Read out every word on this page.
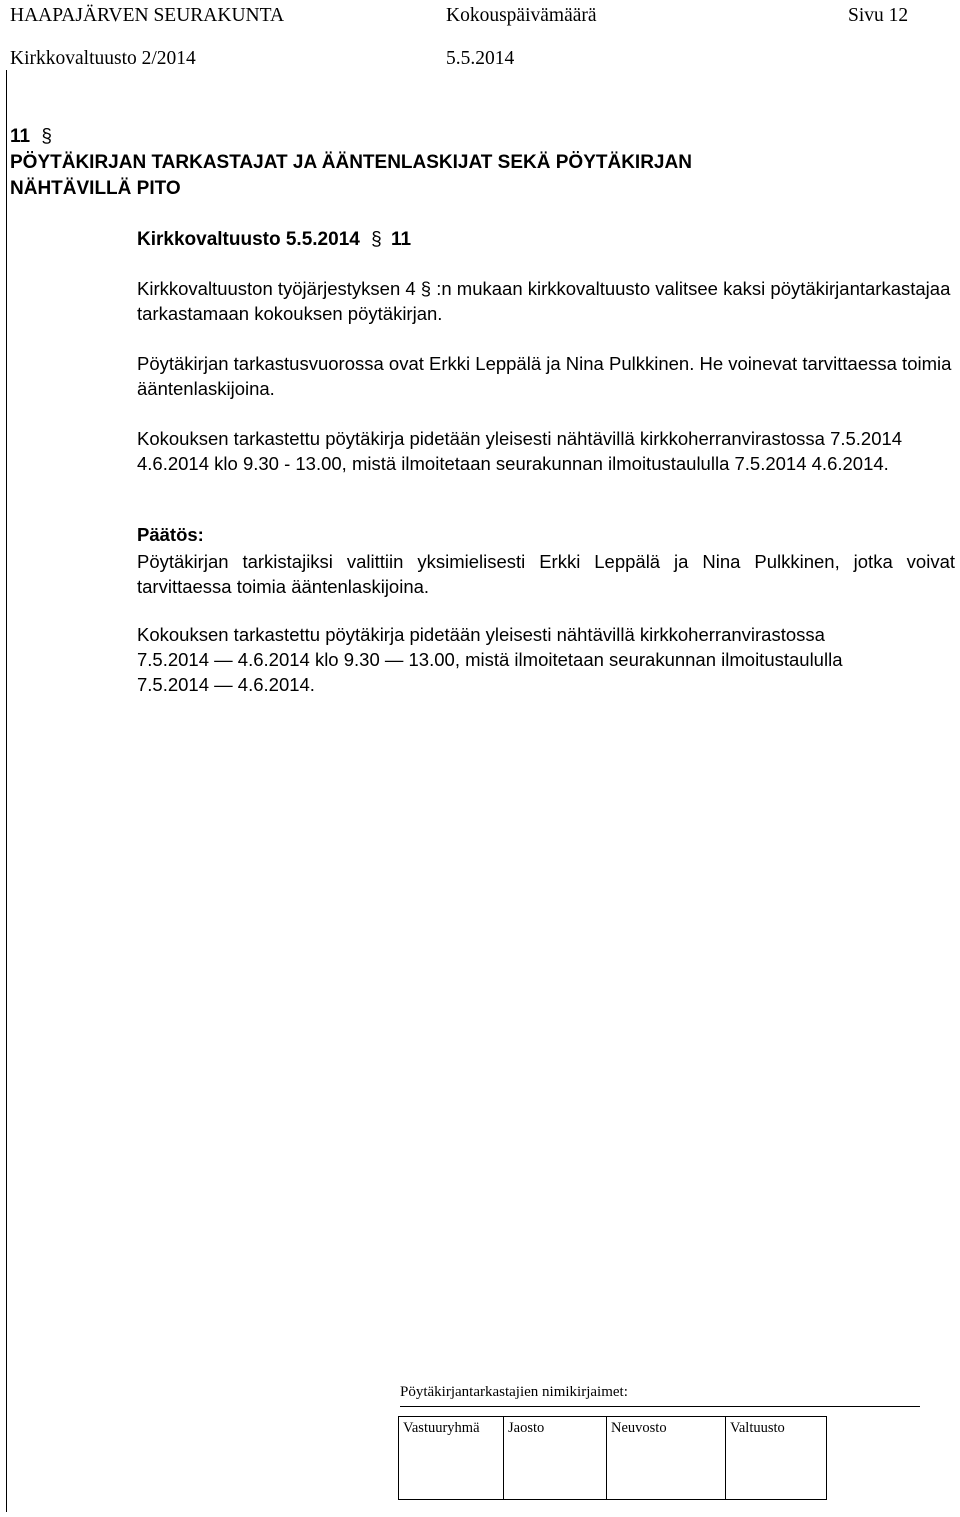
HAAPAJÄRVEN SEURAKUNTA	Kokouspäivämäärä	Sivu 12
Kirkkovaltuusto 2/2014	5.5.2014
11 §
PÖYTÄKIRJAN TARKASTAJAT JA ÄÄNTENLASKIJAT SEKÄ PÖYTÄKIRJAN
NÄHTÄVILLÄ PITO
Kirkkovaltuusto 5.5.2014 § 11
Kirkkovaltuuston työjärjestyksen 4 § :n mukaan kirkkovaltuusto valitsee kaksi pöytäkirjantarkastajaa tarkastamaan kokouksen pöytäkirjan.
Pöytäkirjan tarkastusvuorossa ovat Erkki Leppälä ja Nina Pulkkinen. He voinevat tarvittaessa toimia ääntenlaskijoina.
Kokouksen tarkastettu pöytäkirja pidetään yleisesti nähtävillä kirkkoherranvirastossa 7.5.2014 4.6.2014 klo 9.30 - 13.00, mistä ilmoitetaan seurakunnan ilmoitustaululla 7.5.2014 4.6.2014.
Päätös:
Pöytäkirjan tarkistajiksi valittiin yksimielisesti Erkki Leppälä ja Nina Pulkkinen, jotka voivat tarvittaessa toimia ääntenlaskijoina.
Kokouksen tarkastettu pöytäkirja pidetään yleisesti nähtävillä kirkkoherranvirastossa
7.5.2014 — 4.6.2014 klo 9.30 — 13.00, mistä ilmoitetaan seurakunnan ilmoitustaululla
7.5.2014 — 4.6.2014.
Pöytäkirjantarkastajien nimikirjaimet:
Vastuuryhmä	Jaosto	Neuvosto	Valtuusto
